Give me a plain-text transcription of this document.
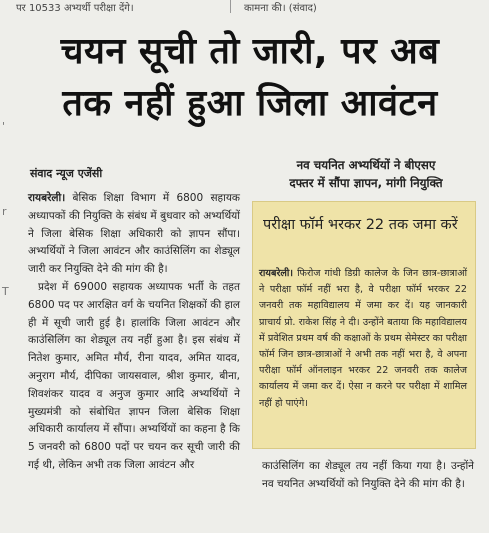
पर 10533 अभ्यर्थी परीक्षा देंगे।	कामना की। (संवाद)
'
r
T
चयन सूची तो जारी, पर अब
तक नहीं हुआ जिला आवंटन
संवाद न्यूज एजेंसी
नव चयनित अभ्यर्थियों ने बीएसए
दफ्तर में सौंपा ज्ञापन, मांगी नियुक्ति

रायबरेली। बेसिक शिक्षा विभाग में 6800 सहायक अध्यापकों की नियुक्ति के संबंध में बुधवार को अभ्यर्थियों ने जिला बेसिक शिक्षा अधिकारी को ज्ञापन सौंपा। अभ्यर्थियों ने जिला आवंटन और काउंसिलिंग का शेड्यूल जारी कर नियुक्ति देने की मांग की है।

प्रदेश में 69000 सहायक अध्यापक भर्ती के तहत 6800 पद पर आरक्षित वर्ग के चयनित शिक्षकों की हाल ही में सूची जारी हुई है। हालांकि जिला आवंटन और काउंसिलिंग का शेड्यूल तय नहीं हुआ है। इस संबंध में नितेश कुमार, अमित मौर्य, रीना यादव, अमित यादव, अनुराग मौर्य, दीपिका जायसवाल, श्रीश कुमार, बीना, शिवशंकर यादव व अनुज कुमार आदि अभ्यर्थियों ने मुख्यमंत्री को संबोधित ज्ञापन जिला बेसिक शिक्षा अधिकारी कार्यालय में सौंपा। अभ्यर्थियों का कहना है कि 5 जनवरी को 6800 पदों पर चयन कर सूची जारी की गई थी, लेकिन अभी तक जिला आवंटन और

परीक्षा फॉर्म भरकर 22 तक जमा करें
रायबरेली। फिरोज गांधी डिग्री कालेज के जिन छात्र-छात्राओं ने परीक्षा फॉर्म नहीं भरा है, वे परीक्षा फॉर्म भरकर 22 जनवरी तक महाविद्यालय में जमा कर दें। यह जानकारी प्राचार्य प्रो. राकेश सिंह ने दी। उन्होंने बताया कि महाविद्यालय में प्रवेशित प्रथम वर्ष की कक्षाओं के प्रथम सेमेस्टर का परीक्षा फॉर्म जिन छात्र-छात्राओं ने अभी तक नहीं भरा है, वे अपना परीक्षा फॉर्म ऑनलाइन भरकर 22 जनवरी तक कालेज कार्यालय में जमा कर दें। ऐसा न करने पर परीक्षा में शामिल नहीं हो पाएंगे।
काउंसिलिंग का शेड्यूल तय नहीं किया गया है। उन्होंने नव चयनित अभ्यर्थियों को नियुक्ति देने की मांग की है।
